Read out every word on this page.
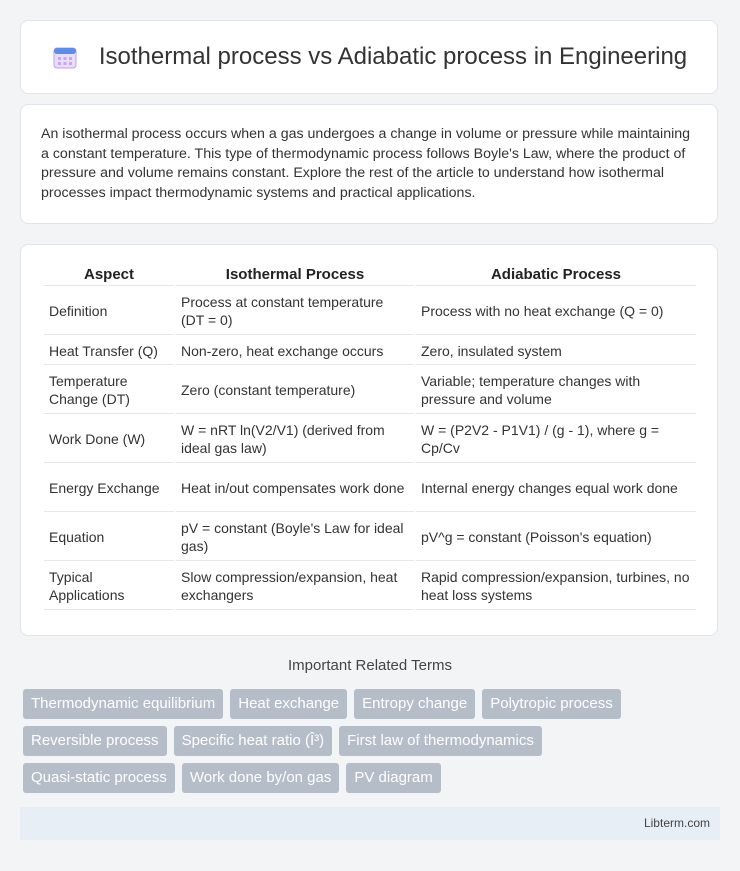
Isothermal process vs Adiabatic process in Engineering

An isothermal process occurs when a gas undergoes a change in volume or pressure while maintaining a constant temperature. This type of thermodynamic process follows Boyle's Law, where the product of pressure and volume remains constant. Explore the rest of the article to understand how isothermal processes impact thermodynamic systems and practical applications.

Aspect	Isothermal Process	Adiabatic Process
Definition	Process at constant temperature (DT = 0)	Process with no heat exchange (Q = 0)
Heat Transfer (Q)	Non-zero, heat exchange occurs	Zero, insulated system
Temperature Change (DT)	Zero (constant temperature)	Variable; temperature changes with pressure and volume
Work Done (W)	W = nRT ln(V2/V1) (derived from ideal gas law)	W = (P2V2 - P1V1) / (g - 1), where g = Cp/Cv
Energy Exchange	Heat in/out compensates work done	Internal energy changes equal work done
Equation	pV = constant (Boyle's Law for ideal gas)	pV^g = constant (Poisson's equation)
Typical Applications	Slow compression/expansion, heat exchangers	Rapid compression/expansion, turbines, no heat loss systems
Important Related Terms
Thermodynamic equilibrium	Heat exchange	Entropy change	Polytropic process
Reversible process	Specific heat ratio (Î³)	First law of thermodynamics
Quasi-static process	Work done by/on gas	PV diagram
Libterm.com
